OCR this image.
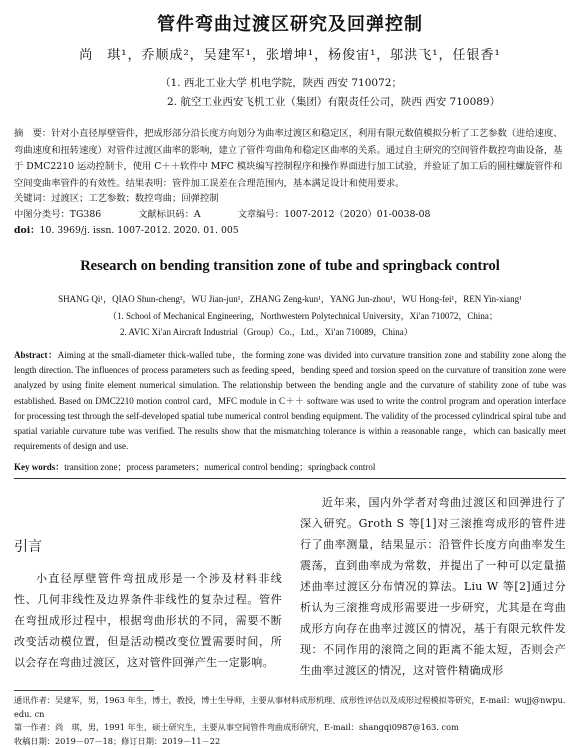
管件弯曲过渡区研究及回弹控制
尚　琪¹，乔顺成²，吴建军¹，张增坤¹，杨俊宙¹，邬洪飞¹，任银香¹
（1. 西北工业大学 机电学院，陕西 西安 710072；
2. 航空工业西安飞机工业（集团）有限责任公司，陕西 西安 710089）
摘　要：针对小直径厚壁管件，把成形部分沿长度方向划分为曲率过渡区和稳定区，利用有限元数值模拟分析了工艺参数（进给速度、弯曲速度和扭转速度）对管件过渡区曲率的影响，建立了管件弯曲角和稳定区曲率的关系。通过自主研究的空间管件数控弯曲设备，基于 DMC2210 运动控制卡，使用 C＋＋软件中 MFC 模块编写控制程序和操作界面进行加工试验，并验证了加工后的圆柱螺旋管件和空间变曲率管件的有效性。结果表明：管件加工误差在合理范围内，基本满足设计和使用要求。
关键词：过渡区；工艺参数；数控弯曲；回弹控制
中图分类号：TG386	文献标识码：A	文章编号：1007-2012（2020）01-0038-08
doi：10. 3969/j. issn. 1007-2012. 2020. 01. 005
Research on bending transition zone of tube and springback control
SHANG Qi¹，QIAO Shun-cheng²，WU Jian-jun¹，ZHANG Zeng-kun¹，YANG Jun-zhou¹，WU Hong-fei¹，REN Yin-xiang¹
（1. School of Mechanical Engineering，Northwestern Polytechnical University，Xi′an 710072，China；
2. AVIC Xi′an Aircraft Industrial（Group）Co.，Ltd.，Xi′an 710089，China）
Abstract：Aiming at the small-diameter thick-walled tube，the forming zone was divided into curvature transition zone and stability zone along the length direction. The influences of process parameters such as feeding speed，bending speed and torsion speed on the curvature of transition zone were analyzed by using finite element numerical simulation. The relationship between the bending angle and the curvature of stability zone of tube was established. Based on DMC2210 motion control card，MFC module in C＋＋ software was used to write the control program and operation interface for processing test through the self-developed spatial tube numerical control bending equipment. The validity of the processed cylindrical spiral tube and spatial variable curvature tube was verified. The results show that the mismatching tolerance is within a reasonable range，which can basically meet requirements of design and use.
Key words：transition zone；process parameters；numerical control bending；springback control
引言
小直径厚壁管件弯扭成形是一个涉及材料非线性、几何非线性及边界条件非线性的复杂过程。管件在弯扭成形过程中，根据弯曲形状的不同，需要不断改变活动模位置，但是活动模改变位置需要时间，所以会存在弯曲过渡区，这对管件回弹产生一定影响。
近年来，国内外学者对弯曲过渡区和回弹进行了深入研究。Groth S 等[1]对三滚推弯成形的管件进行了曲率测量，结果显示：沿管件长度方向曲率发生震荡，直到曲率成为常数，并提出了一种可以定量描述曲率过渡区分布情况的算法。Liu W 等[2]通过分析认为三滚推弯成形需要进一步研究，尤其是在弯曲成形方向存在曲率过渡区的情况，基于有限元软件发现：不同作用的滚筒之间的距离不能太短，否则会产生曲率过渡区的情况，这对管件精确成形
通讯作者：吴建军，男，1963 年生，博士，教授，博士生导师，主要从事材料成形机理、成形性评估以及成形过程模拟等研究，E-mail：wujj@nwpu. edu. cn
第一作者：尚　琪，男，1991 年生，硕士研究生，主要从事空间管件弯曲成形研究，E-mail：shangqi0987@163. com
收稿日期：2019－07－18；修订日期：2019－11－22
